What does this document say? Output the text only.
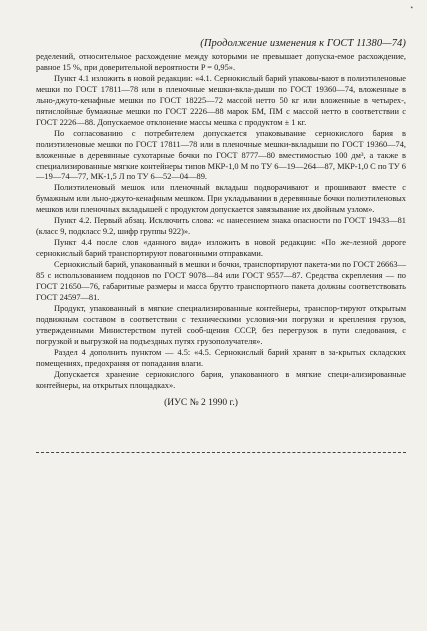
•
(Продолжение изменения к ГОСТ 11380—74)

ределений, относительное расхождение между которыми не превышает допуска-емое расхождение, равное 15 %, при доверительной вероятности P = 0,95».

Пункт 4.1 изложить в новой редакции: «4.1. Сернокислый барий упаковы-вают в полиэтиленовые мешки по ГОСТ 17811—78 или в пленочные мешки-вкла-дыши по ГОСТ 19360—74, вложенные в льно-джуто-кенафные мешки по ГОСТ 18225—72 массой нетто 50 кг или вложенные в четырех-, пятислойные бумажные мешки по ГОСТ 2226—88 марок БМ, ПМ с массой нетто в соответствии с ГОСТ 2226—88. Допускаемое отклонение массы мешка с продуктом ± 1 кг.

По согласованию с потребителем допускается упаковывание сернокислого бария в полиэтиленовые мешки по ГОСТ 17811—78 или в пленочные мешки-вкладыши по ГОСТ 19360—74, вложенные в деревянные сухотарные бочки по ГОСТ 8777—80 вместимостью 100 дм³, а также в специализированные мягкие контейнеры типов МКР-1,0 М по ТУ 6—19—264—87, МКР-1,0 С по ТУ 6—19—74—77, МК-1,5 Л по ТУ 6—52—04—89.

Полиэтиленовый мешок или пленочный вкладыш подворачивают и прошивают вместе с бумажным или льно-джуто-кенафным мешком. При укладывании в деревянные бочки полиэтиленовых мешков или пленочных вкладышей с продуктом допускается завязывание их двойным узлом».

Пункт 4.2. Первый абзац. Исключить слова: «с нанесением знака опасности по ГОСТ 19433—81 (класс 9, подкласс 9.2, шифр группы 922)».

Пункт 4.4 после слов «данного вида» изложить в новой редакции: «По же-лезной дороге сернокислый барий транспортируют повагонными отправками.

Сернокислый барий, упакованный в мешки и бочки, транспортируют пакета-ми по ГОСТ 26663—85 с использованием поддонов по ГОСТ 9078—84 или ГОСТ 9557—87. Средства скрепления — по ГОСТ 21650—76, габаритные размеры и масса брутто транспортного пакета должны соответствовать ГОСТ 24597—81.

Продукт, упакованный в мягкие специализированные контейнеры, транспор-тируют открытым подвижным составом в соответствии с техническими условия-ми погрузки и крепления грузов, утвержденными Министерством путей сооб-щения СССР, без перегрузок в пути следования, с погрузкой и выгрузкой на подъездных путях грузополучателя».

Раздел 4 дополнить пунктом — 4.5: «4.5. Сернокислый барий хранят в за-крытых складских помещениях, предохраняя от попадания влаги.

Допускается хранение сернокислого бария, упакованного в мягкие специ-ализированные контейнеры, на открытых площадках».

(ИУС № 2 1990 г.)
